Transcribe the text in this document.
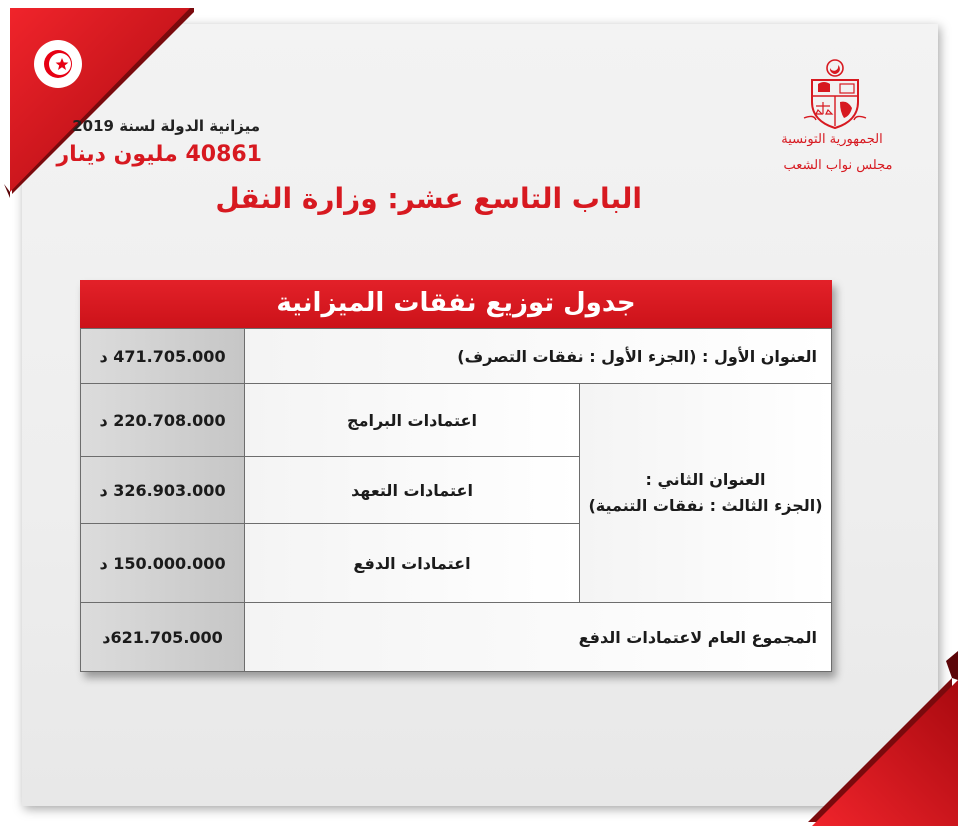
ميزانية الدولة لسنة 2019
40861 مليون دينار
الجمهورية التونسية
مجلس نواب الشعب
الباب التاسع عشر: وزارة النقل
جدول توزيع نفقات الميزانية
العنوان الأول : (الجزء الأول : نفقات التصرف)
471.705.000 د
العنوان الثاني :
(الجزء الثالث : نفقات التنمية)
اعتمادات البرامج
220.708.000 د
اعتمادات التعهد
326.903.000 د
اعتمادات الدفع
150.000.000 د
المجموع العام لاعتمادات الدفع
621.705.000د
